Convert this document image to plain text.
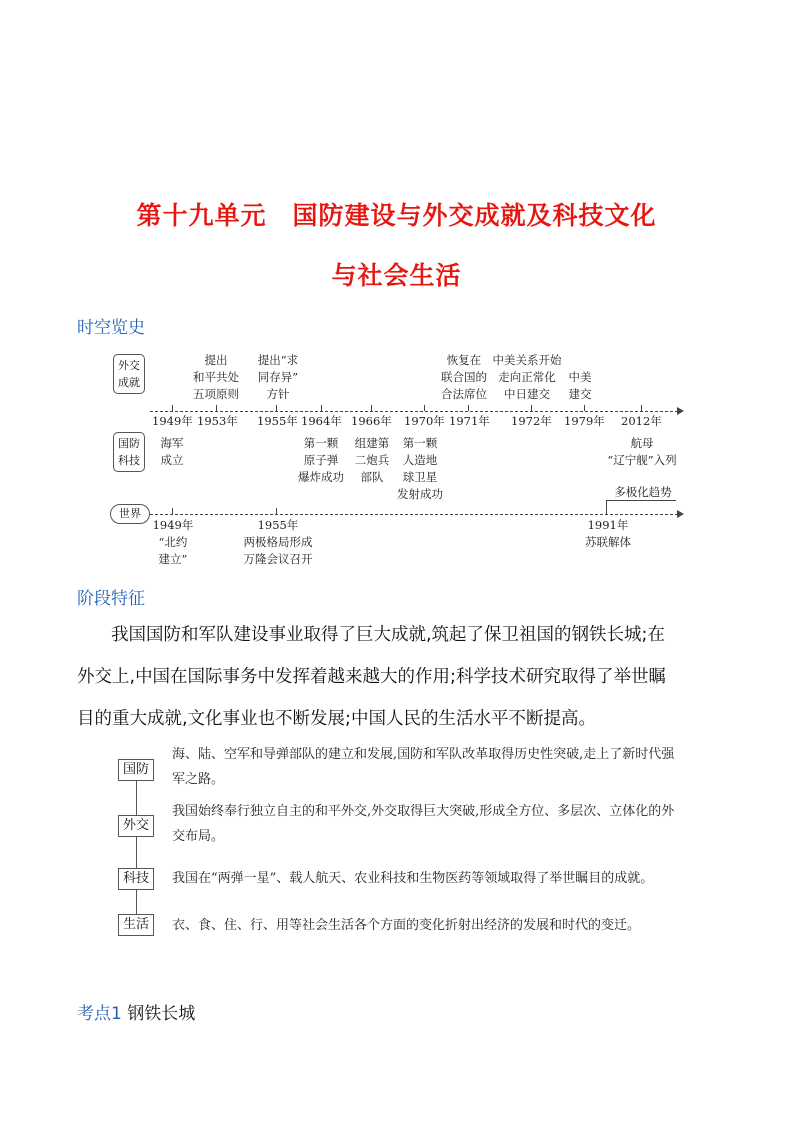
第十九单元　国防建设与外交成就及科技文化
与社会生活
时空览史
外交
成就
国防
科技
世界
提出
和平共处
五项原则
提出“求
同存异”
方针
恢复在
联合国的
合法席位
中美关系开始
走向正常化
中日建交
中美
建交
1949年 1953年 1955年 1964年 1966年 1970年 1971年 1972年 1979年 2012年
海军
成立
第一颗
原子弹
爆炸成功
组建第
二炮兵
部队
第一颗
人造地
球卫星
发射成功
航母
“辽宁舰”入列
多极化趋势
1949年
“北约
建立”
1955年
两极格局形成
万隆会议召开
1991年
苏联解体
阶段特征
我国国防和军队建设事业取得了巨大成就,筑起了保卫祖国的钢铁长城;在
外交上,中国在国际事务中发挥着越来越大的作用;科学技术研究取得了举世瞩
目的重大成就,文化事业也不断发展;中国人民的生活水平不断提高。
国防
海、陆、空军和导弹部队的建立和发展,国防和军队改革取得历史性突破,走上了新时代强
军之路。
外交
我国始终奉行独立自主的和平外交,外交取得巨大突破,形成全方位、多层次、立体化的外
交布局。
科技	我国在“两弹一星”、载人航天、农业科技和生物医药等领域取得了举世瞩目的成就。
生活	衣、食、住、行、用等社会生活各个方面的变化折射出经济的发展和时代的变迁。
考点1 钢铁长城
